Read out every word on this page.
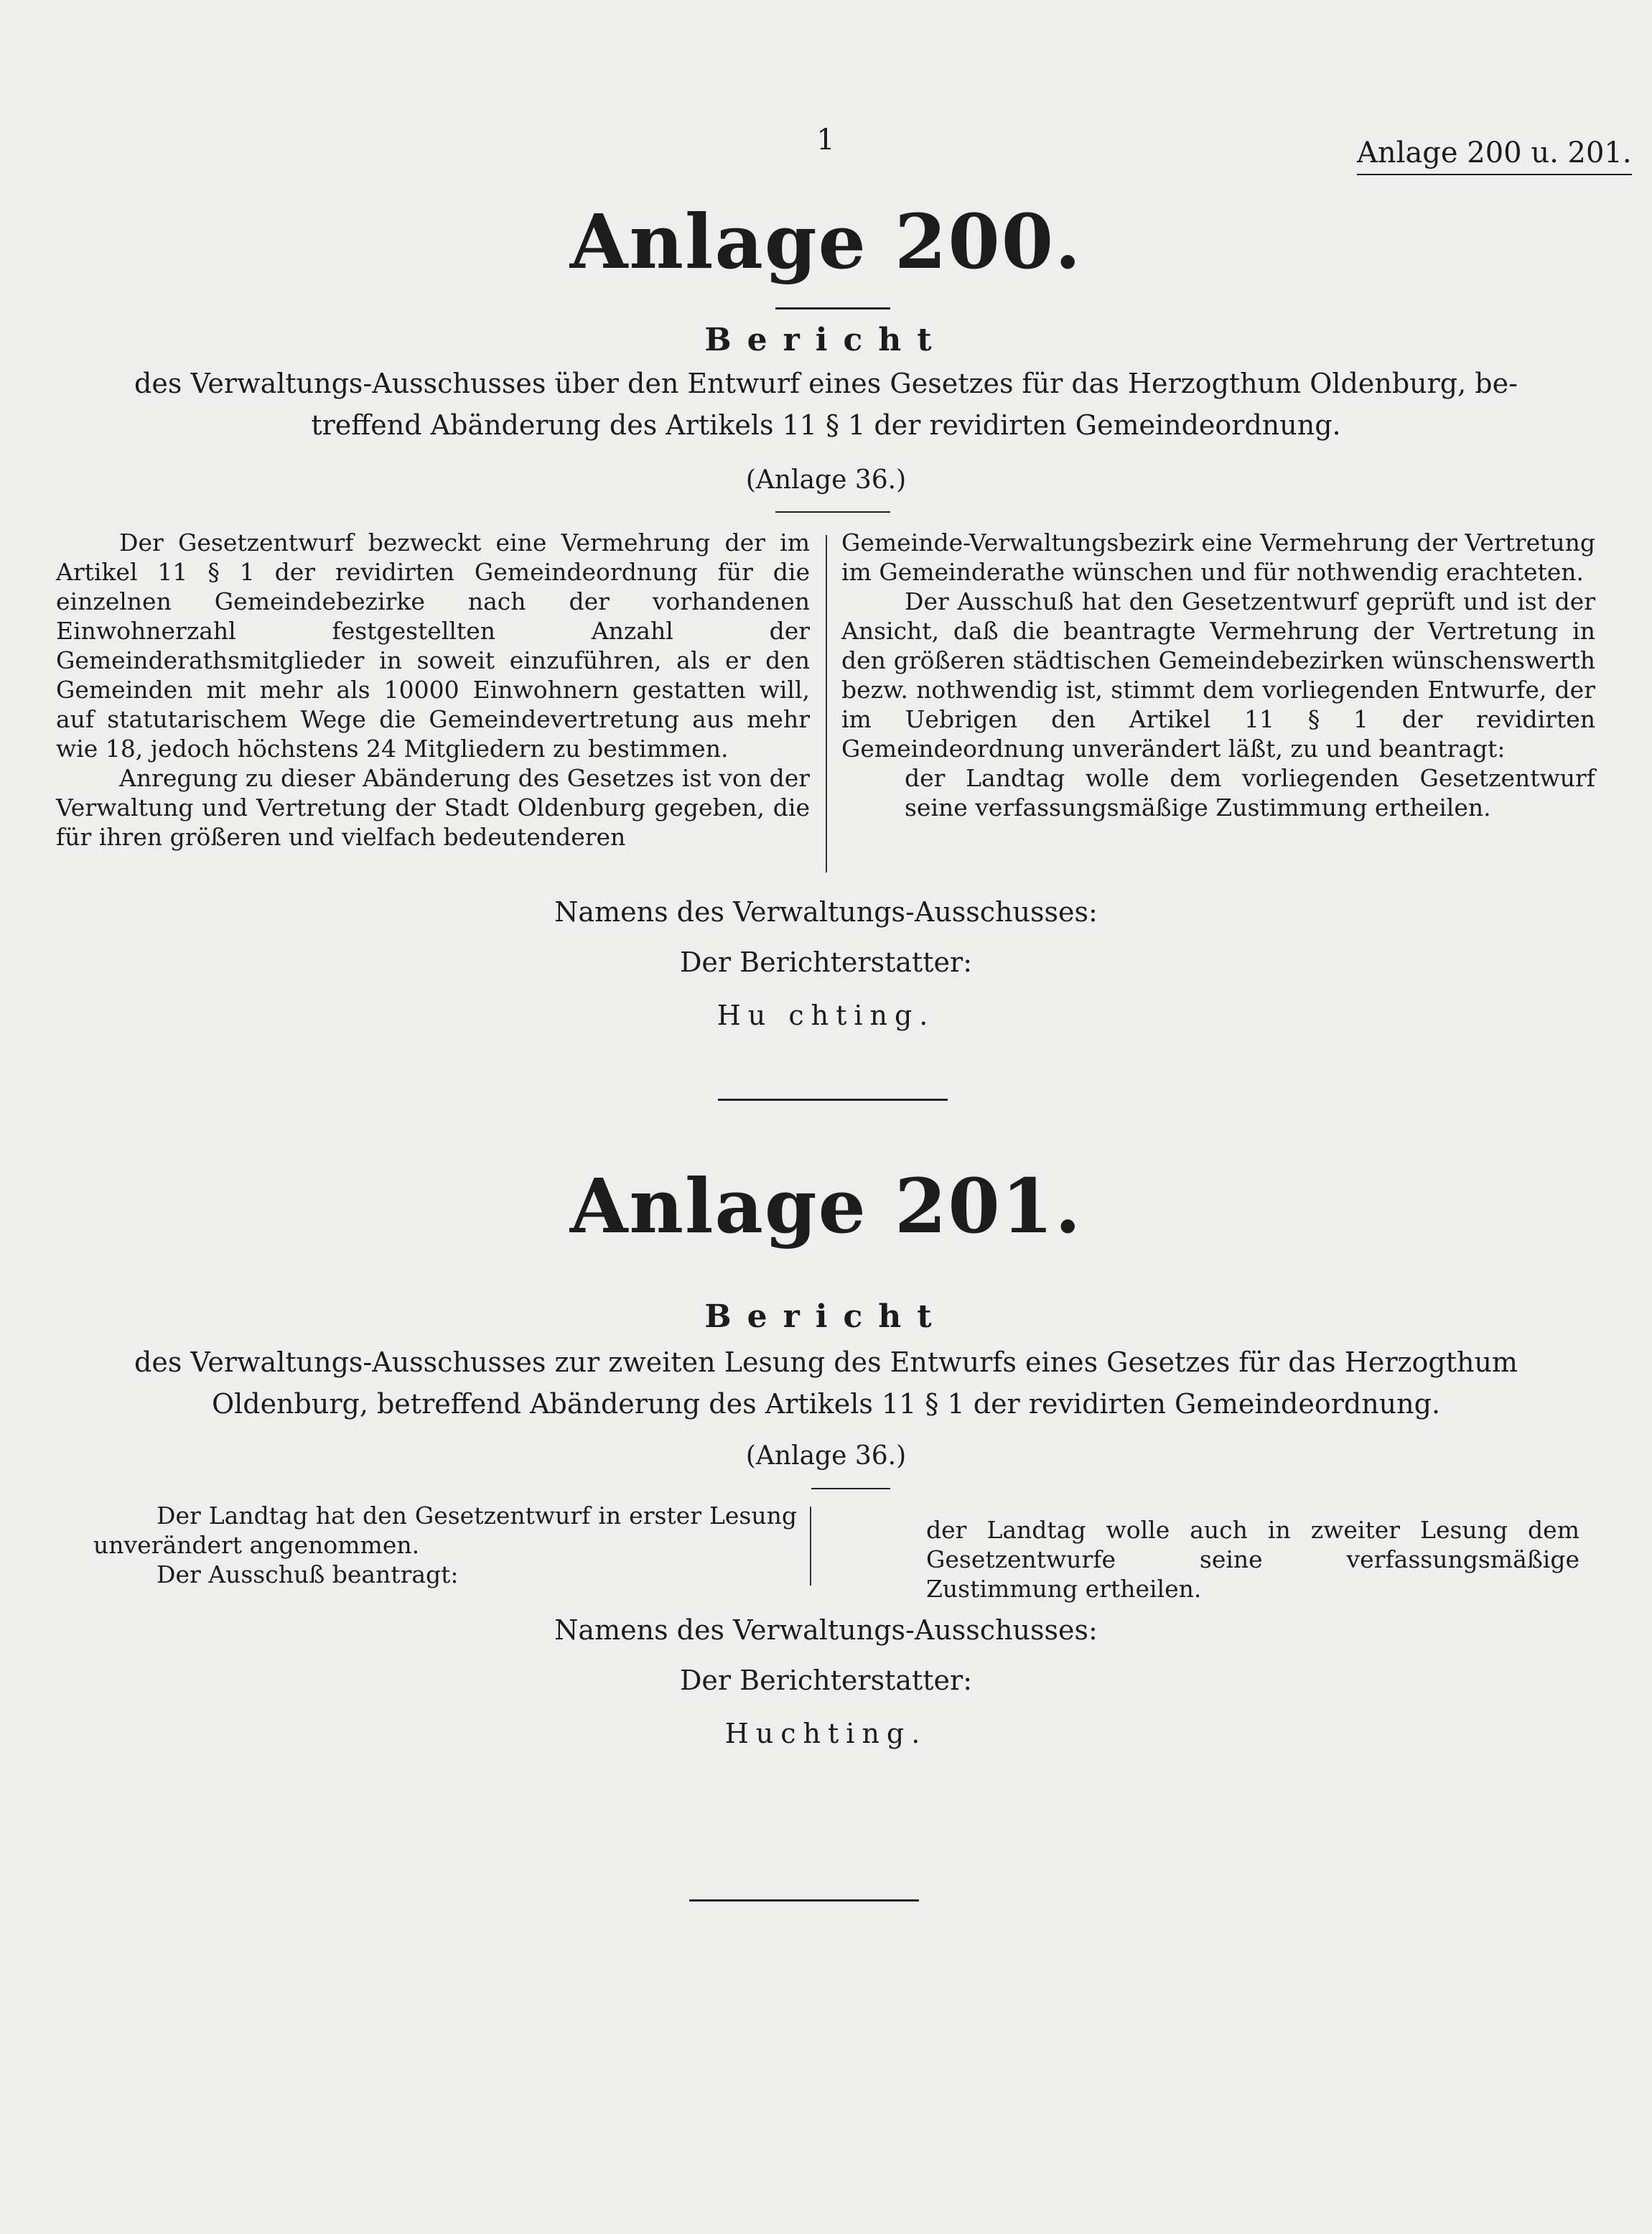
1	Anlage 200 u. 201.
Anlage 200.
Bericht
des Verwaltungs-Ausschusses über den Entwurf eines Gesetzes für das Herzogthum Oldenburg, be-
treffend Abänderung des Artikels 11 § 1 der revidirten Gemeindeordnung.
(Anlage 36.)

Der Gesetzentwurf bezweckt eine Vermehrung der im Artikel 11 § 1 der revidirten Gemeindeordnung für die einzelnen Gemeindebezirke nach der vorhandenen Einwohnerzahl festgestellten Anzahl der Gemeinderathsmitglieder in soweit einzuführen, als er den Gemeinden mit mehr als 10000 Einwohnern gestatten will, auf statutarischem Wege die Gemeindevertretung aus mehr wie 18, jedoch höchstens 24 Mitgliedern zu bestimmen.

Anregung zu dieser Abänderung des Gesetzes ist von der Verwaltung und Vertretung der Stadt Oldenburg gegeben, die für ihren größeren und vielfach bedeutenderen

Gemeinde-Verwaltungsbezirk eine Vermehrung der Vertretung im Gemeinderathe wünschen und für nothwendig erachteten.

Der Ausschuß hat den Gesetzentwurf geprüft und ist der Ansicht, daß die beantragte Vermehrung der Vertretung in den größeren städtischen Gemeindebezirken wünschenswerth bezw. nothwendig ist, stimmt dem vorliegenden Entwurfe, der im Uebrigen den Artikel 11 § 1 der revidirten Gemeindeordnung unverändert läßt, zu und beantragt:

der Landtag wolle dem vorliegenden Gesetzentwurf seine verfassungsmäßige Zustimmung ertheilen.

Namens des Verwaltungs-Ausschusses:
Der Berichterstatter:
Hu chting.
Anlage 201.
Bericht
des Verwaltungs-Ausschusses zur zweiten Lesung des Entwurfs eines Gesetzes für das Herzogthum
Oldenburg, betreffend Abänderung des Artikels 11 § 1 der revidirten Gemeindeordnung.
(Anlage 36.)

Der Landtag hat den Gesetzentwurf in erster Lesung unverändert angenommen.

Der Ausschuß beantragt:

der Landtag wolle auch in zweiter Lesung dem Gesetzentwurfe seine verfassungsmäßige Zustimmung ertheilen.

Namens des Verwaltungs-Ausschusses:
Der Berichterstatter:
Huchting.
